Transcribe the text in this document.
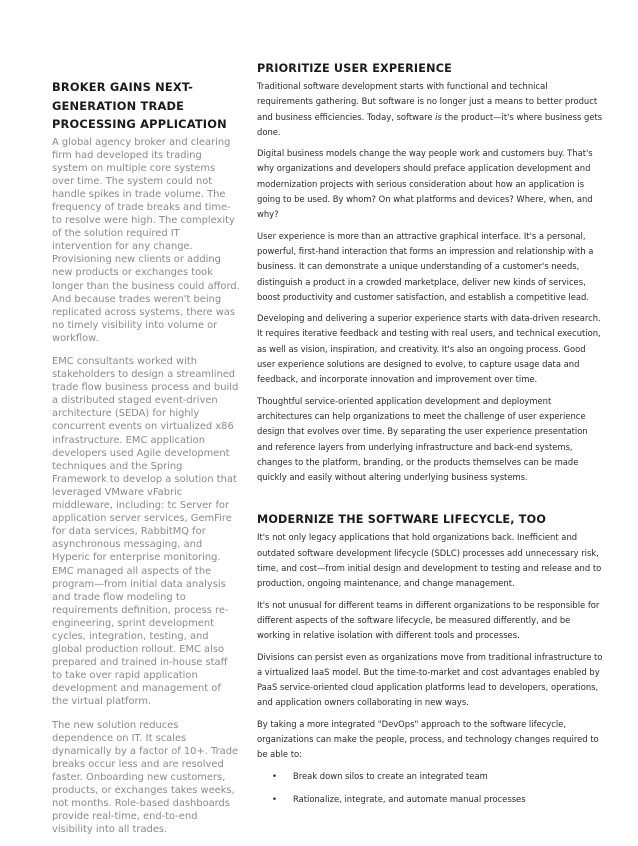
BROKER GAINS NEXT-
GENERATION TRADE
PROCESSING APPLICATION

A global agency broker and clearing firm had developed its trading system on multiple core systems over time. The system could not handle spikes in trade volume. The frequency of trade breaks and time-to resolve were high. The complexity of the solution required IT intervention for any change. Provisioning new clients or adding new products or exchanges took longer than the business could afford. And because trades weren't being replicated across systems, there was no timely visibility into volume or workflow.

EMC consultants worked with stakeholders to design a streamlined trade flow business process and build a distributed staged event-driven architecture (SEDA) for highly concurrent events on virtualized x86 infrastructure. EMC application developers used Agile development techniques and the Spring Framework to develop a solution that leveraged VMware vFabric middleware, including: tc Server for application server services, GemFire for data services, RabbitMQ for asynchronous messaging, and Hyperic for enterprise monitoring. EMC managed all aspects of the program—from initial data analysis and trade flow modeling to requirements definition, process re-engineering, sprint development cycles, integration, testing, and global production rollout. EMC also prepared and trained in-house staff to take over rapid application development and management of the virtual platform.

The new solution reduces dependence on IT. It scales dynamically by a factor of 10+. Trade breaks occur less and are resolved faster. Onboarding new customers, products, or exchanges takes weeks, not months. Role-based dashboards provide real-time, end-to-end visibility into all trades.

PRIORITIZE USER EXPERIENCE

Traditional software development starts with functional and technical requirements gathering. But software is no longer just a means to better product and business efficiencies. Today, software is the product—it's where business gets done.

Digital business models change the way people work and customers buy. That's why organizations and developers should preface application development and modernization projects with serious consideration about how an application is going to be used. By whom? On what platforms and devices? Where, when, and why?

User experience is more than an attractive graphical interface. It's a personal, powerful, first-hand interaction that forms an impression and relationship with a business. It can demonstrate a unique understanding of a customer's needs, distinguish a product in a crowded marketplace, deliver new kinds of services, boost productivity and customer satisfaction, and establish a competitive lead.

Developing and delivering a superior experience starts with data-driven research. It requires iterative feedback and testing with real users, and technical execution, as well as vision, inspiration, and creativity. It's also an ongoing process. Good user experience solutions are designed to evolve, to capture usage data and feedback, and incorporate innovation and improvement over time.

Thoughtful service-oriented application development and deployment architectures can help organizations to meet the challenge of user experience design that evolves over time. By separating the user experience presentation and reference layers from underlying infrastructure and back-end systems, changes to the platform, branding, or the products themselves can be made quickly and easily without altering underlying business systems.

MODERNIZE THE SOFTWARE LIFECYCLE, TOO

It's not only legacy applications that hold organizations back. Inefficient and outdated software development lifecycle (SDLC) processes add unnecessary risk, time, and cost—from initial design and development to testing and release and to production, ongoing maintenance, and change management.

It's not unusual for different teams in different organizations to be responsible for different aspects of the software lifecycle, be measured differently, and be working in relative isolation with different tools and processes.

Divisions can persist even as organizations move from traditional infrastructure to a virtualized IaaS model. But the time-to-market and cost advantages enabled by PaaS service-oriented cloud application platforms lead to developers, operations, and application owners collaborating in new ways.

By taking a more integrated "DevOps" approach to the software lifecycle, organizations can make the people, process, and technology changes required to be able to:

• Break down silos to create an integrated team
• Rationalize, integrate, and automate manual processes
